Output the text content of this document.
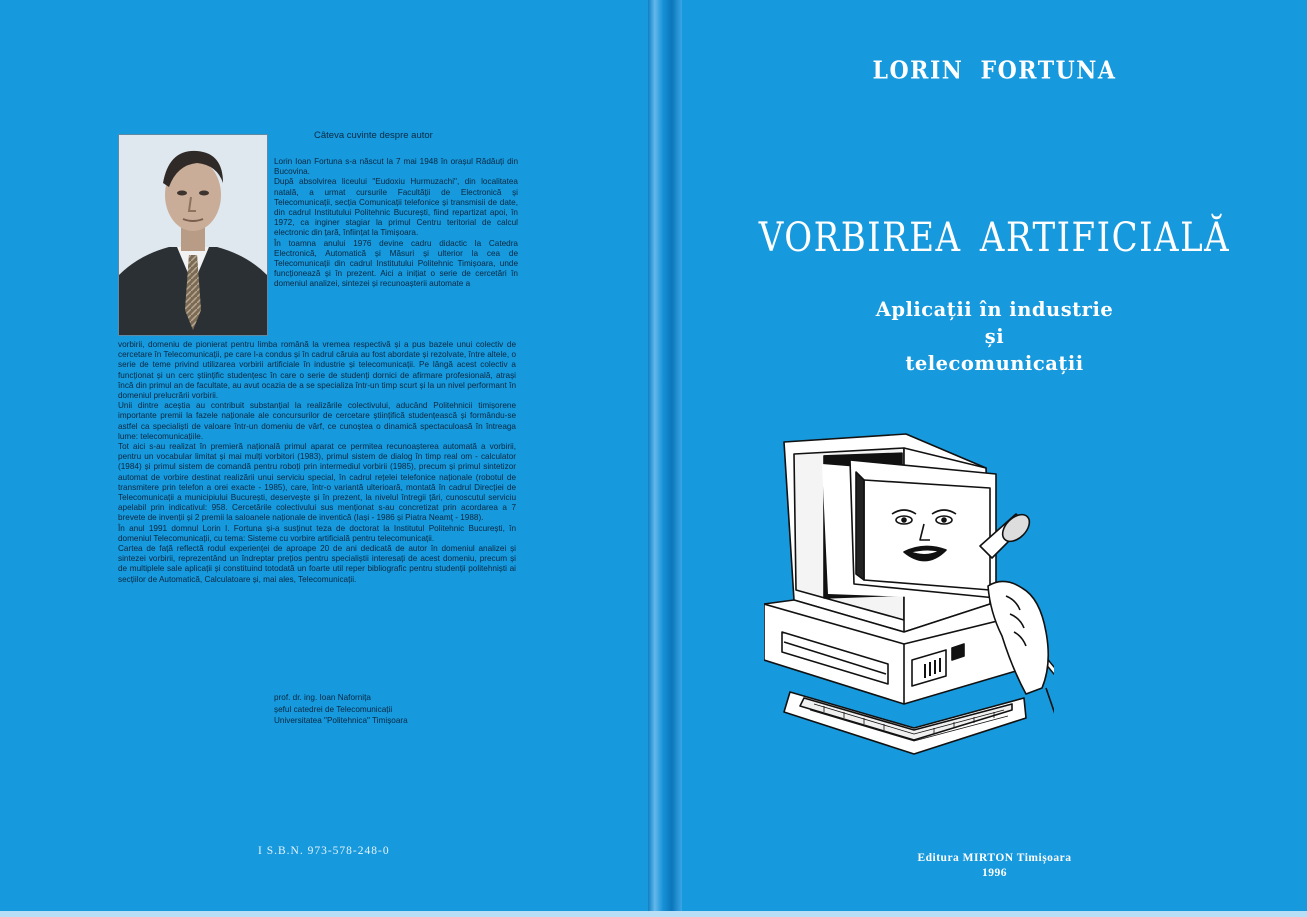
Câteva cuvinte despre autor

Lorin Ioan Fortuna s-a născut la 7 mai 1948 în orașul Rădăuți din Bucovina.

După absolvirea liceului "Eudoxiu Hurmuzachi", din localitatea natală, a urmat cursurile Facultății de Electronică și Telecomunicații, secția Comunicații telefonice și transmisii de date, din cadrul Institutului Politehnic București, fiind repartizat apoi, în 1972, ca inginer stagiar la primul Centru teritorial de calcul electronic din țară, înființat la Timișoara.

În toamna anului 1976 devine cadru didactic la Catedra Electronică, Automatică și Măsuri și ulterior la cea de Telecomunicații din cadrul Institutului Politehnic Timișoara, unde funcționează și în prezent. Aici a inițiat o serie de cercetări în domeniul analizei, sintezei și recunoașterii automate a

vorbirii, domeniu de pionierat pentru limba română la vremea respectivă și a pus bazele unui colectiv de cercetare în Telecomunicații, pe care l-a condus și în cadrul căruia au fost abordate și rezolvate, între altele, o serie de teme privind utilizarea vorbirii artificiale în industrie și telecomunicații. Pe lângă acest colectiv a funcționat și un cerc științific studențesc în care o serie de studenți dornici de afirmare profesională, atrași încă din primul an de facultate, au avut ocazia de a se specializa într-un timp scurt și la un nivel performant în domeniul prelucrării vorbirii.

Unii dintre aceștia au contribuit substanțial la realizările colectivului, aducând Politehnicii timișorene importante premii la fazele naționale ale concursurilor de cercetare științifică studențească și formându-se astfel ca specialiști de valoare într-un domeniu de vârf, ce cunoștea o dinamică spectaculoasă în întreaga lume: telecomunicațiile.

Tot aici s-au realizat în premieră națională primul aparat ce permitea recunoașterea automată a vorbirii, pentru un vocabular limitat și mai mulți vorbitori (1983), primul sistem de dialog în timp real om - calculator (1984) și primul sistem de comandă pentru roboți prin intermediul vorbirii (1985), precum și primul sintetizor automat de vorbire destinat realizării unui serviciu special, în cadrul rețelei telefonice naționale (robotul de transmitere prin telefon a orei exacte - 1985), care, într-o variantă ulterioară, montată în cadrul Direcției de Telecomunicații a municipiului București, deservește și în prezent, la nivelul întregii țări, cunoscutul serviciu apelabil prin indicativul: 958. Cercetările colectivului sus menționat s-au concretizat prin acordarea a 7 brevete de invenții și 2 premii la saloanele naționale de inventică (Iași - 1986 și Piatra Neamț - 1988).

În anul 1991 domnul Lorin I. Fortuna și-a susținut teza de doctorat la Institutul Politehnic București, în domeniul Telecomunicații, cu tema: Sisteme cu vorbire artificială pentru telecomunicații.

Cartea de față reflectă rodul experienței de aproape 20 de ani dedicată de autor în domeniul analizei și sintezei vorbirii, reprezentând un îndreptar prețios pentru specialiștii interesați de acest domeniu, precum și de multiplele sale aplicații și constituind totodată un foarte util reper bibliografic pentru studenții politehniști ai secțiilor de Automatică, Calculatoare și, mai ales, Telecomunicații.

prof. dr. ing. Ioan Nafornița
șeful catedrei de Telecomunicații
Universitatea "Politehnica" Timișoara
I S.B.N. 973-578-248-0
LORIN FORTUNA
VORBIREA ARTIFICIALĂ
Aplicații în industrie
și
telecomunicații
Editura MIRTON Timișoara
1996
